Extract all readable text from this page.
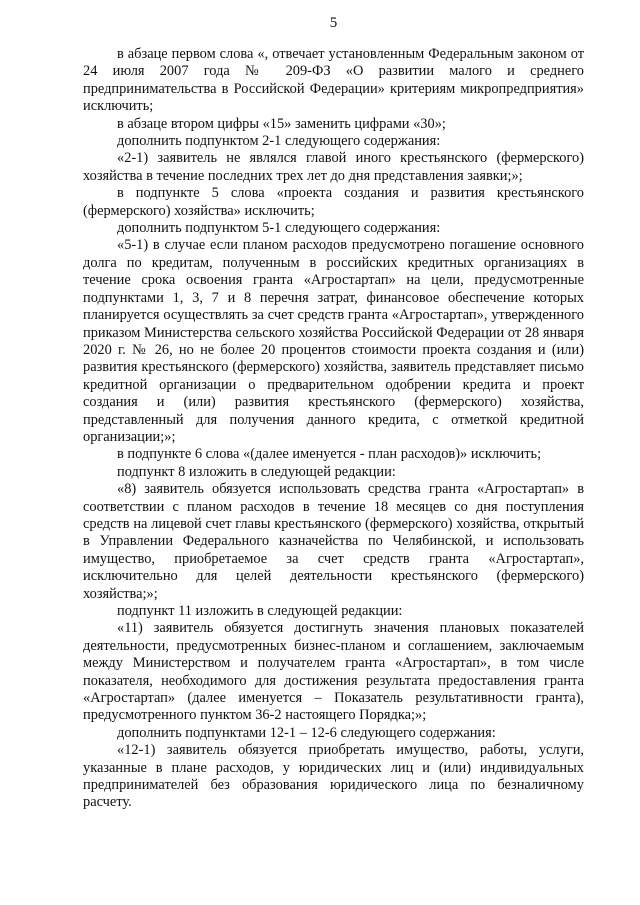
5

в абзаце первом слова «, отвечает установленным Федеральным законом от 24 июля 2007 года № 209-ФЗ «О развитии малого и среднего предпринимательства в Российской Федерации» критериям микропредприятия» исключить;

в абзаце втором цифры «15» заменить цифрами «30»;

дополнить подпунктом 2-1 следующего содержания:

«2-1) заявитель не являлся главой иного крестьянского (фермерского) хозяйства в течение последних трех лет до дня представления заявки;»;

в подпункте 5 слова «проекта создания и развития крестьянского (фермерского) хозяйства» исключить;

дополнить подпунктом 5-1 следующего содержания:

«5-1) в случае если планом расходов предусмотрено погашение основного долга по кредитам, полученным в российских кредитных организациях в течение срока освоения гранта «Агростартап» на цели, предусмотренные подпунктами 1, 3, 7 и 8 перечня затрат, финансовое обеспечение которых планируется осуществлять за счет средств гранта «Агростартап», утвержденного приказом Министерства сельского хозяйства Российской Федерации от 28 января 2020 г. № 26, но не более 20 процентов стоимости проекта создания и (или) развития крестьянского (фермерского) хозяйства, заявитель представляет письмо кредитной организации о предварительном одобрении кредита и проект создания и (или) развития крестьянского (фермерского) хозяйства, представленный для получения данного кредита, с отметкой кредитной организации;»;

в подпункте 6 слова «(далее именуется - план расходов)» исключить;

подпункт 8 изложить в следующей редакции:

«8) заявитель обязуется использовать средства гранта «Агростартап» в соответствии с планом расходов в течение 18 месяцев со дня поступления средств на лицевой счет главы крестьянского (фермерского) хозяйства, открытый в Управлении Федерального казначейства по Челябинской, и использовать имущество, приобретаемое за счет средств гранта «Агростартап», исключительно для целей деятельности крестьянского (фермерского) хозяйства;»;

подпункт 11 изложить в следующей редакции:

«11) заявитель обязуется достигнуть значения плановых показателей деятельности, предусмотренных бизнес-планом и соглашением, заключаемым между Министерством и получателем гранта «Агростартап», в том числе показателя, необходимого для достижения результата предоставления гранта «Агростартап» (далее именуется – Показатель результативности гранта), предусмотренного пунктом 36-2 настоящего Порядка;»;

дополнить подпунктами 12-1 – 12-6 следующего содержания:

«12-1) заявитель обязуется приобретать имущество, работы, услуги, указанные в плане расходов, у юридических лиц и (или) индивидуальных предпринимателей без образования юридического лица по безналичному расчету.
